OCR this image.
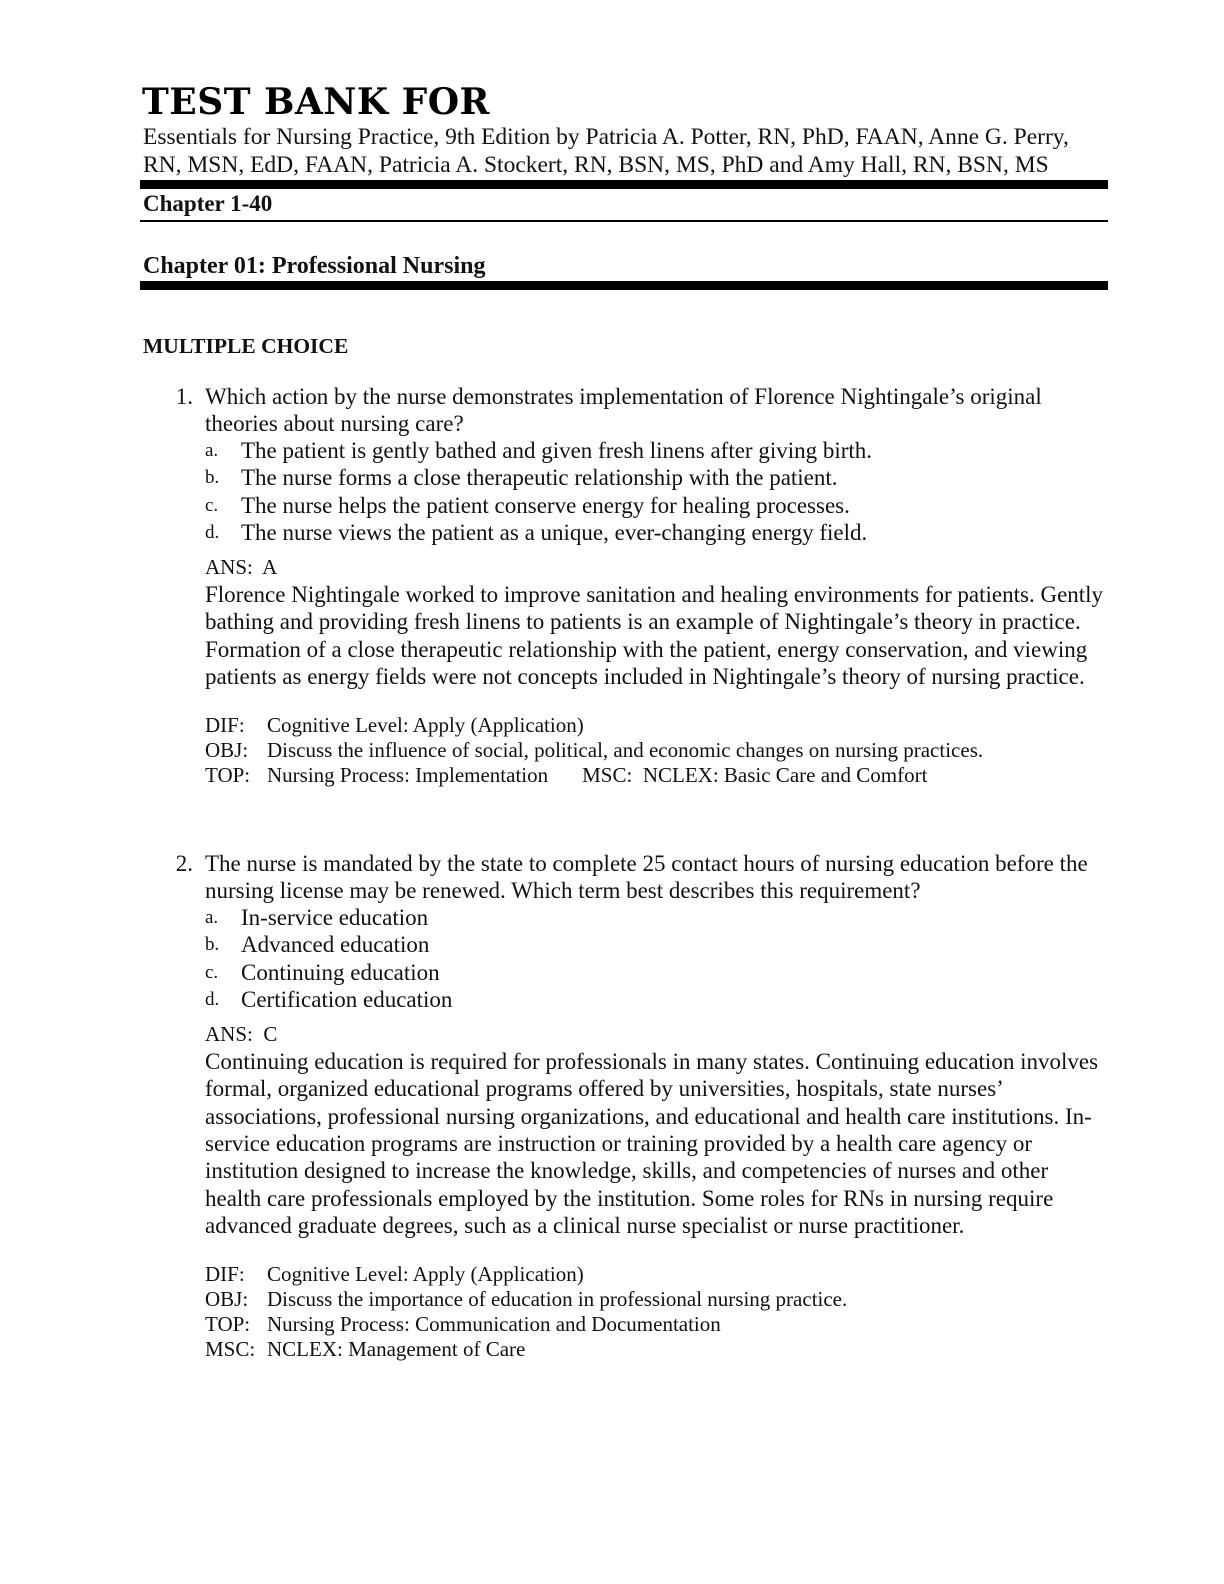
TEST BANK FOR
Essentials for Nursing Practice, 9th Edition by Patricia A. Potter, RN, PhD, FAAN, Anne G. Perry, RN, MSN, EdD, FAAN, Patricia A. Stockert, RN, BSN, MS, PhD and Amy Hall, RN, BSN, MS
Chapter 1-40
Chapter 01: Professional Nursing
MULTIPLE CHOICE
1. Which action by the nurse demonstrates implementation of Florence Nightingale’s original theories about nursing care?
a. The patient is gently bathed and given fresh linens after giving birth.
b. The nurse forms a close therapeutic relationship with the patient.
c. The nurse helps the patient conserve energy for healing processes.
d. The nurse views the patient as a unique, ever-changing energy field.
ANS:  A
Florence Nightingale worked to improve sanitation and healing environments for patients. Gently bathing and providing fresh linens to patients is an example of Nightingale’s theory in practice. Formation of a close therapeutic relationship with the patient, energy conservation, and viewing patients as energy fields were not concepts included in Nightingale’s theory of nursing practice.
DIF: Cognitive Level: Apply (Application)
OBJ: Discuss the influence of social, political, and economic changes on nursing practices.
TOP: Nursing Process: Implementation MSC: NCLEX: Basic Care and Comfort
2. The nurse is mandated by the state to complete 25 contact hours of nursing education before the nursing license may be renewed. Which term best describes this requirement?
a. In-service education
b. Advanced education
c. Continuing education
d. Certification education
ANS:  C
Continuing education is required for professionals in many states. Continuing education involves formal, organized educational programs offered by universities, hospitals, state nurses’ associations, professional nursing organizations, and educational and health care institutions. In-service education programs are instruction or training provided by a health care agency or institution designed to increase the knowledge, skills, and competencies of nurses and other health care professionals employed by the institution. Some roles for RNs in nursing require advanced graduate degrees, such as a clinical nurse specialist or nurse practitioner.
DIF: Cognitive Level: Apply (Application)
OBJ: Discuss the importance of education in professional nursing practice.
TOP: Nursing Process: Communication and Documentation
MSC: NCLEX: Management of Care
